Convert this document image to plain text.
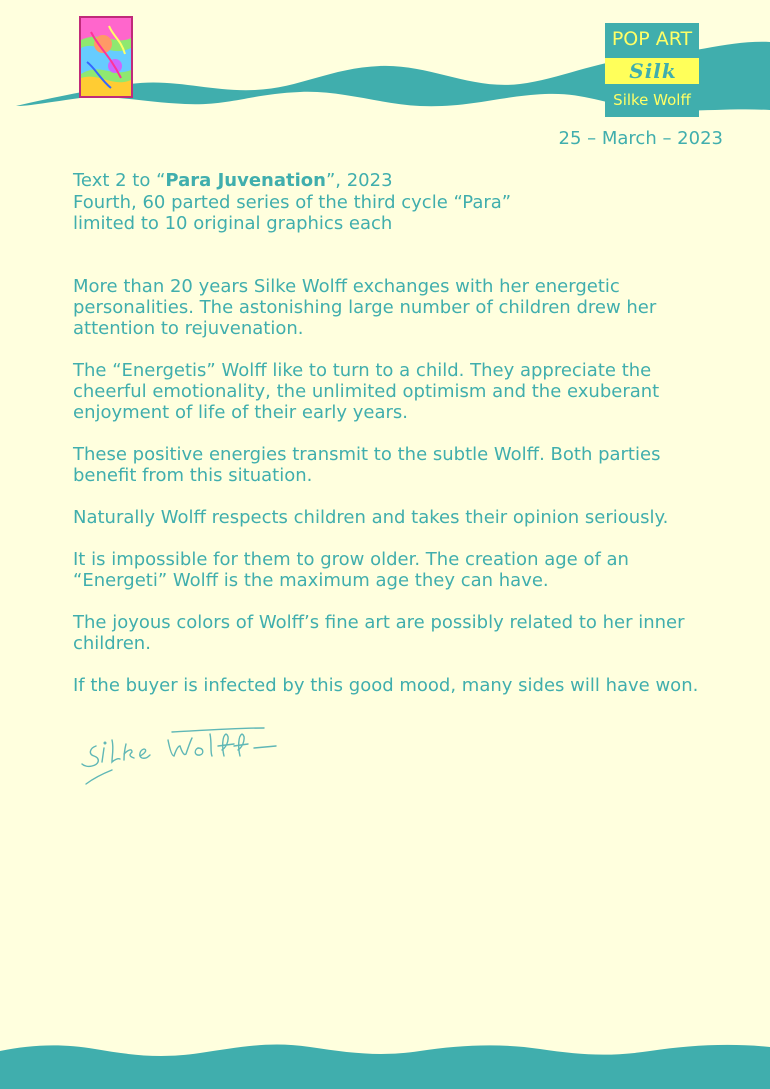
POP ART
Silk
Silke Wolff
25 – March – 2023
Text 2 to “Para Juvenation”, 2023
Fourth, 60 parted series of the third cycle “Para”
limited to 10 original graphics each

More than 20 years Silke Wolff exchanges with her energetic personalities. The astonishing large number of children drew her attention to rejuvenation.

The “Energetis” Wolff like to turn to a child. They appreciate the cheerful emotionality, the unlimited optimism and the exuberant enjoyment of life of their early years.

These positive energies transmit to the subtle Wolff. Both parties benefit from this situation.

Naturally Wolff respects children and takes their opinion seriously.

It is impossible for them to grow older. The creation age of an “Energeti” Wolff is the maximum age they can have.

The joyous colors of Wolff’s fine art are possibly related to her inner children.

If the buyer is infected by this good mood, many sides will have won.
